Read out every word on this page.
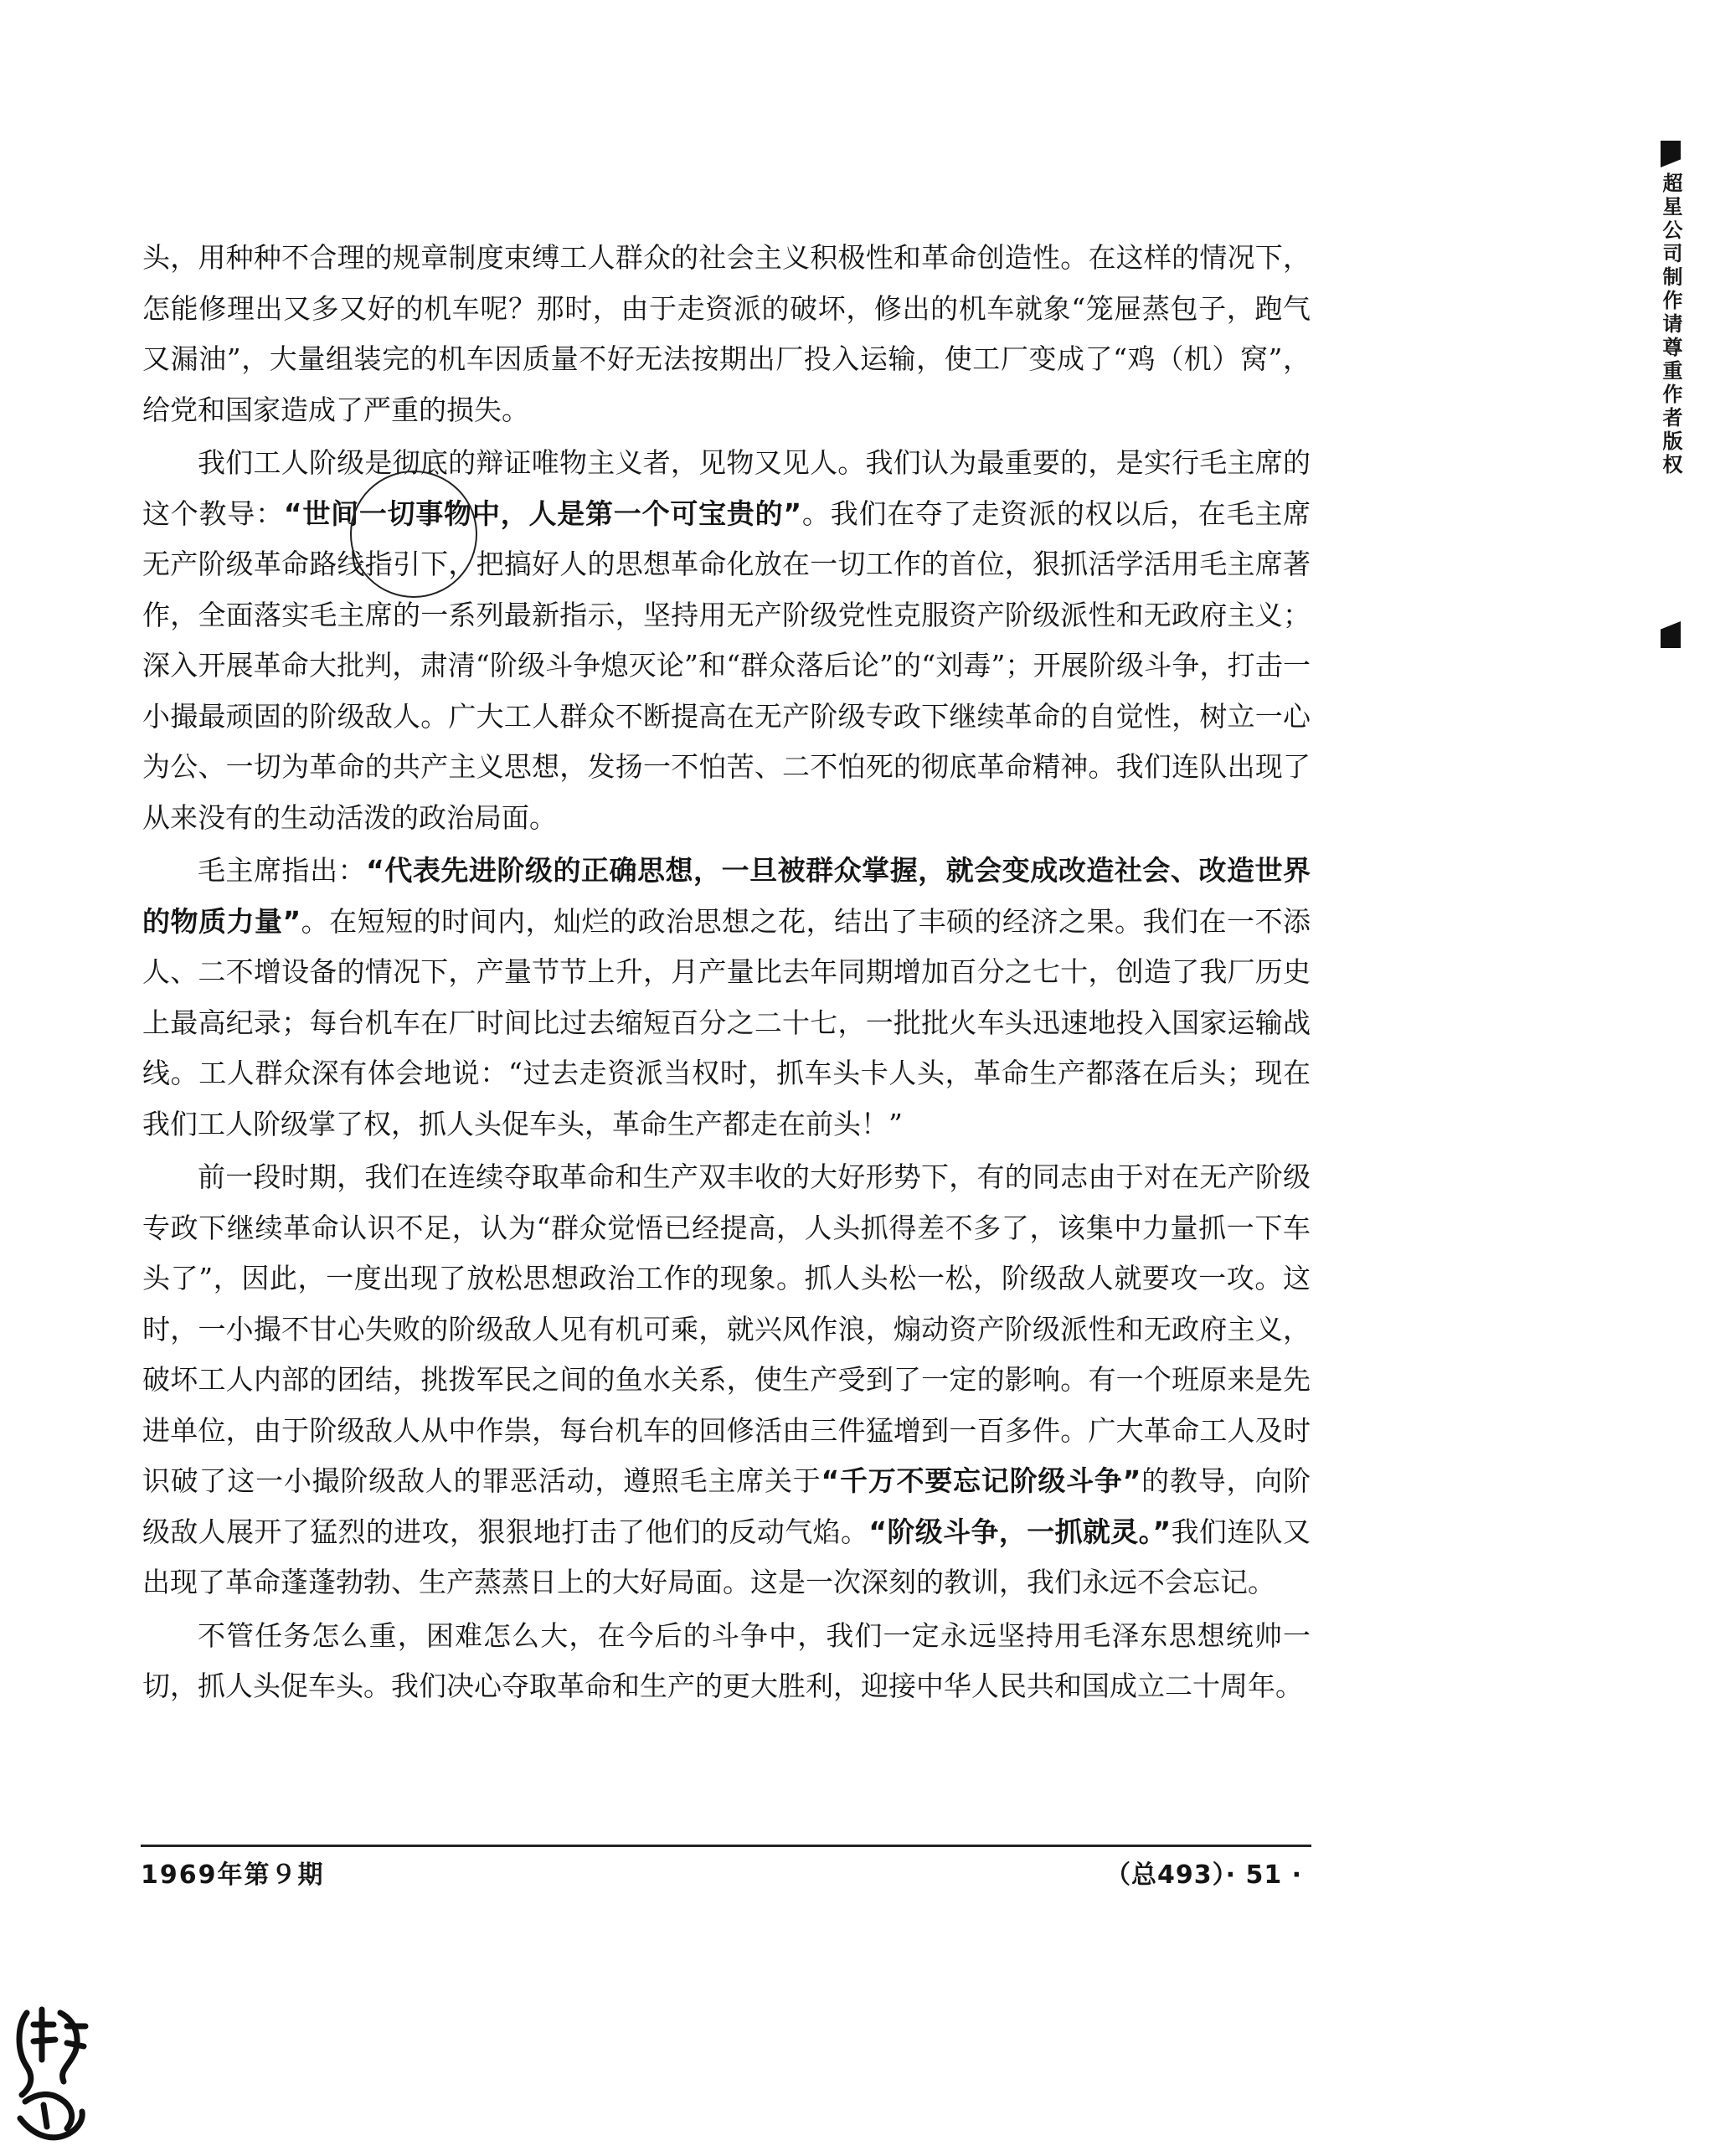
头，用种种不合理的规章制度束缚工人群众的社会主义积极性和革命创造性。在这样的情况下，怎能修理出又多又好的机车呢？那时，由于走资派的破坏，修出的机车就象“笼屉蒸包子，跑气又漏油”，大量组装完的机车因质量不好无法按期出厂投入运输，使工厂变成了“鸡（机）窝”，给党和国家造成了严重的损失。

我们工人阶级是彻底的辩证唯物主义者，见物又见人。我们认为最重要的，是实行毛主席的这个教导：“世间一切事物中，人是第一个可宝贵的”。我们在夺了走资派的权以后，在毛主席无产阶级革命路线指引下，把搞好人的思想革命化放在一切工作的首位，狠抓活学活用毛主席著作，全面落实毛主席的一系列最新指示，坚持用无产阶级党性克服资产阶级派性和无政府主义；深入开展革命大批判，肃清“阶级斗争熄灭论”和“群众落后论”的“刘毒”；开展阶级斗争，打击一小撮最顽固的阶级敌人。广大工人群众不断提高在无产阶级专政下继续革命的自觉性，树立一心为公、一切为革命的共产主义思想，发扬一不怕苦、二不怕死的彻底革命精神。我们连队出现了从来没有的生动活泼的政治局面。

毛主席指出：“代表先进阶级的正确思想，一旦被群众掌握，就会变成改造社会、改造世界的物质力量”。在短短的时间内，灿烂的政治思想之花，结出了丰硕的经济之果。我们在一不添人、二不增设备的情况下，产量节节上升，月产量比去年同期增加百分之七十，创造了我厂历史上最高纪录；每台机车在厂时间比过去缩短百分之二十七，一批批火车头迅速地投入国家运输战线。工人群众深有体会地说：“过去走资派当权时，抓车头卡人头，革命生产都落在后头；现在我们工人阶级掌了权，抓人头促车头，革命生产都走在前头！”

前一段时期，我们在连续夺取革命和生产双丰收的大好形势下，有的同志由于对在无产阶级专政下继续革命认识不足，认为“群众觉悟已经提高，人头抓得差不多了，该集中力量抓一下车头了”，因此，一度出现了放松思想政治工作的现象。抓人头松一松，阶级敌人就要攻一攻。这时，一小撮不甘心失败的阶级敌人见有机可乘，就兴风作浪，煽动资产阶级派性和无政府主义，破坏工人内部的团结，挑拨军民之间的鱼水关系，使生产受到了一定的影响。有一个班原来是先进单位，由于阶级敌人从中作祟，每台机车的回修活由三件猛增到一百多件。广大革命工人及时识破了这一小撮阶级敌人的罪恶活动，遵照毛主席关于“千万不要忘记阶级斗争”的教导，向阶级敌人展开了猛烈的进攻，狠狠地打击了他们的反动气焰。“阶级斗争，一抓就灵。”我们连队又出现了革命蓬蓬勃勃、生产蒸蒸日上的大好局面。这是一次深刻的教训，我们永远不会忘记。

不管任务怎么重，困难怎么大，在今后的斗争中，我们一定永远坚持用毛泽东思想统帅一切，抓人头促车头。我们决心夺取革命和生产的更大胜利，迎接中华人民共和国成立二十周年。

1969年第９期	（总493）· 51 ·
超星公司制作请尊重作者版权
